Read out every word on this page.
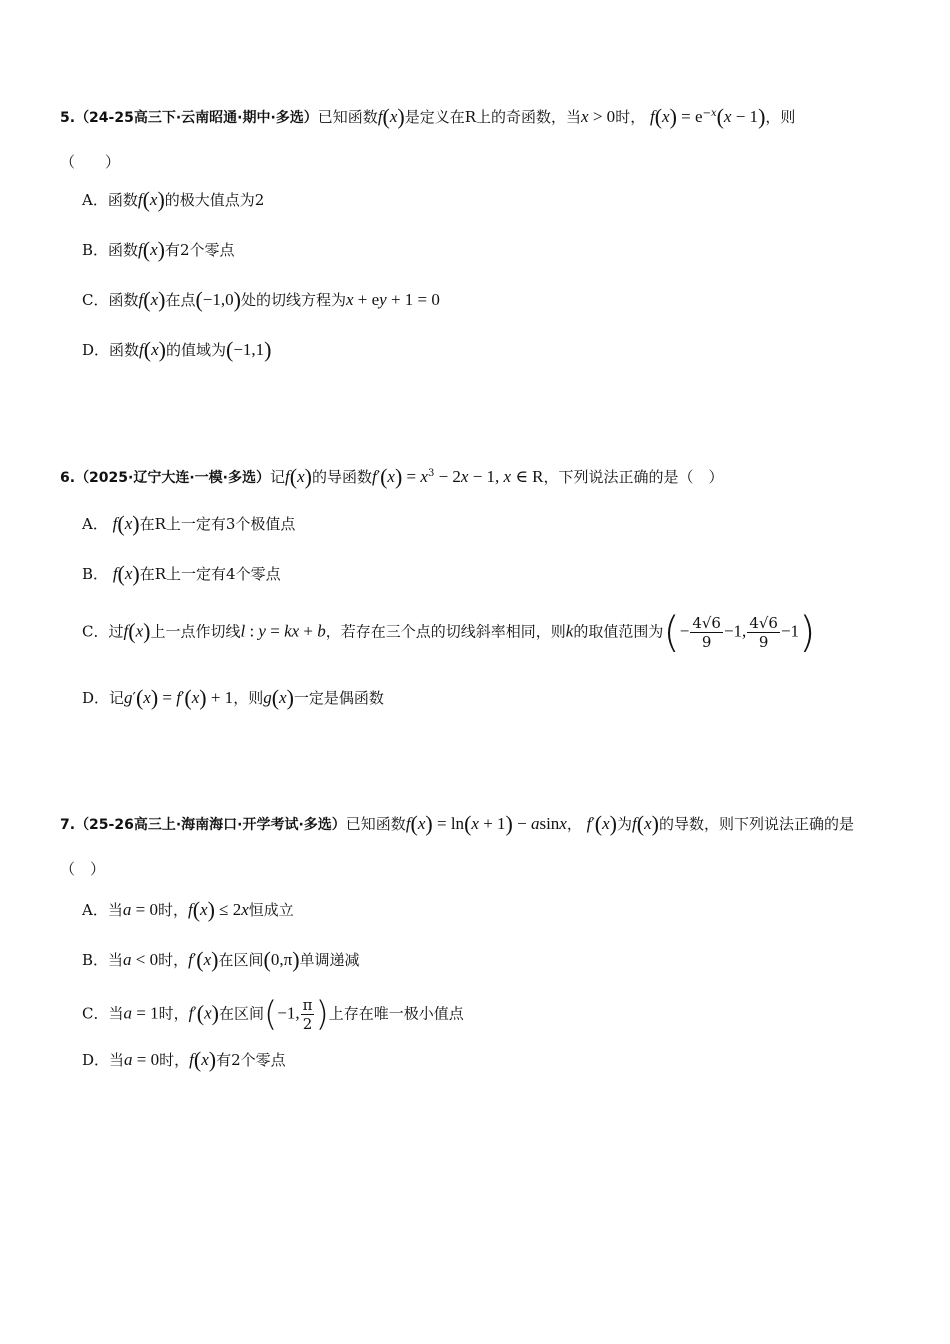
5.（24-25高三下·云南昭通·期中·多选）已知函数f(x)是定义在R上的奇函数，当x > 0时， $f(x) = e^{-x}(x - 1)$，则
（　　）
A．函数f(x)的极大值点为2
B．函数f(x)有2个零点
C．函数f(x)在点(−1,0)处的切线方程为x + ey + 1 = 0
D．函数f(x)的值域为(−1,1)
6.（2025·辽宁大连·一模·多选）记f(x)的导函数$f'(x) = x^3 - 2x - 1$, x ∈ R，下列说法正确的是（　）
A． f(x)在R上一定有3个极值点
B． f(x)在R上一定有4个零点
C．过f(x)上一点作切线l : y = kx + b，若存在三个点的切线斜率相同，则k的取值范围为(− $\frac{4√6}{9} -1$, $\frac{4√6}{9} -1$)
D．记g′(x) = f′(x) + 1，则g(x)一定是偶函数
7.（25-26高三上·海南海口·开学考试·多选）已知函数f(x) = ln(x + 1) − asinx， f′(x)为f(x)的导数，则下列说法正确的是（　）
A．当a = 0时，f(x) ≤ 2x恒成立
B．当a < 0时，f′(x)在区间(0,π)单调递减
C．当a = 1时，f′(x)在区间(−1, $\frac{\pi}{2}$ )上存在唯一极小值点
D．当a = 0时，f(x)有2个零点
